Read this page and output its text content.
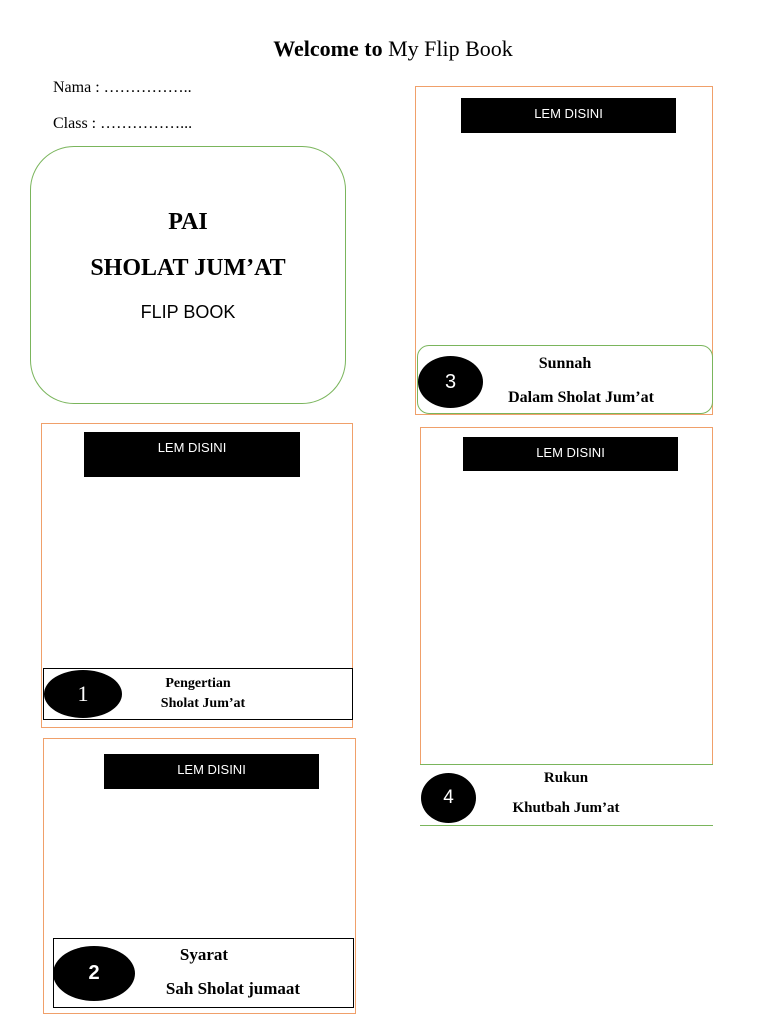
Welcome to My Flip Book
Nama : ……………..
Class : ……………...
PAI
SHOLAT JUM’AT
FLIP BOOK
LEM DISINI
1	Pengertian
Sholat Jum’at
LEM DISINI
2
Syarat
Sah Sholat jumaat
LEM DISINI
3
Sunnah
Dalam Sholat Jum’at
LEM DISINI
4
Rukun
Khutbah Jum’at
